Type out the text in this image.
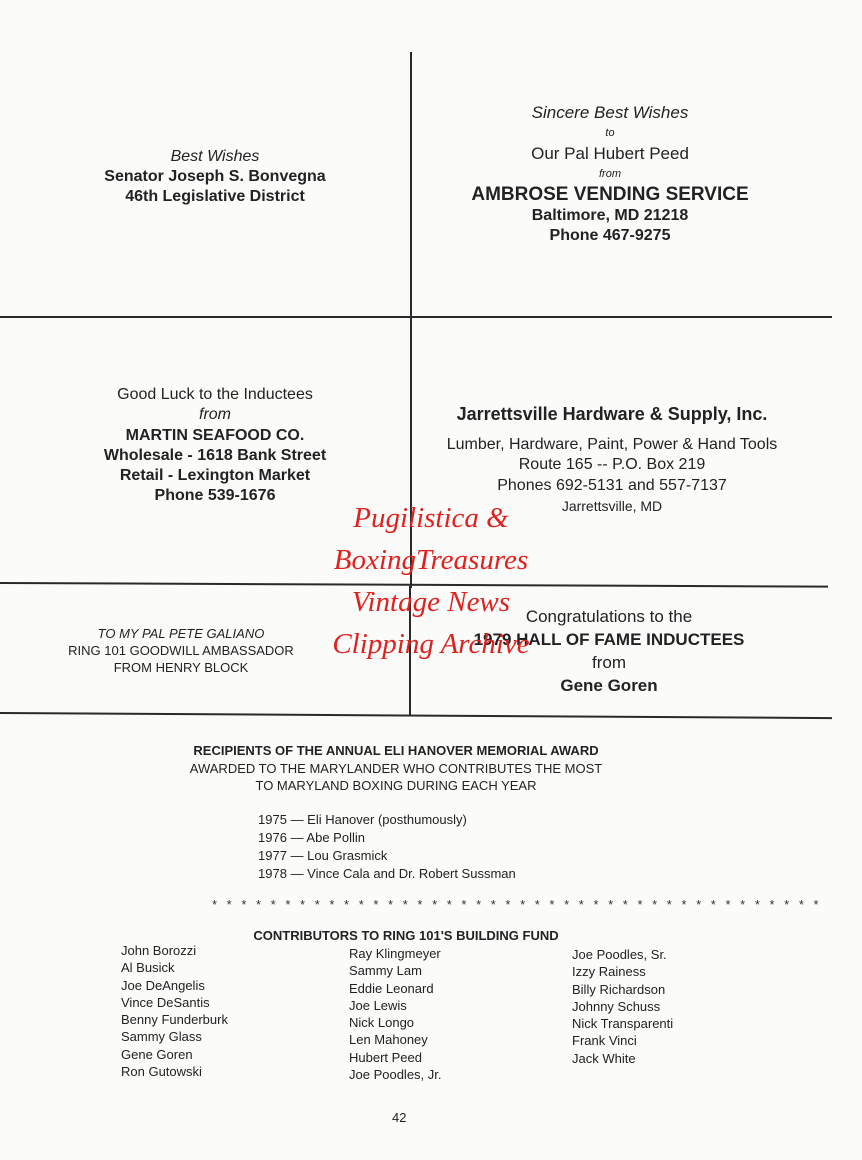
Best Wishes
Senator Joseph S. Bonvegna
46th Legislative District
Sincere Best Wishes
to
Our Pal Hubert Peed
from
AMBROSE VENDING SERVICE
Baltimore, MD 21218
Phone 467-9275
Good Luck to the Inductees
from
MARTIN SEAFOOD CO.
Wholesale - 1618 Bank Street
Retail - Lexington Market
Phone 539-1676
Jarrettsville Hardware & Supply, Inc.
Lumber, Hardware, Paint, Power & Hand Tools
Route 165 -- P.O. Box 219
Phones 692-5131 and 557-7137
Jarrettsville, MD
TO MY PAL PETE GALIANO
RING 101 GOODWILL AMBASSADOR
FROM HENRY BLOCK
Congratulations to the
1979 HALL OF FAME INDUCTEES
from
Gene Goren
RECIPIENTS OF THE ANNUAL ELI HANOVER MEMORIAL AWARD
AWARDED TO THE MARYLANDER WHO CONTRIBUTES THE MOST
TO MARYLAND BOXING DURING EACH YEAR
1975 — Eli Hanover (posthumously)
1976 — Abe Pollin
1977 — Lou Grasmick
1978 — Vince Cala and Dr. Robert Sussman
* * * * * * * * * * * * * * * * * * * * * * * * * * * * * * * * * * * * * * * * * *
CONTRIBUTORS TO RING 101'S BUILDING FUND
John Borozzi
Al Busick
Joe DeAngelis
Vince DeSantis
Benny Funderburk
Sammy Glass
Gene Goren
Ron Gutowski
Ray Klingmeyer
Sammy Lam
Eddie Leonard
Joe Lewis
Nick Longo
Len Mahoney
Hubert Peed
Joe Poodles, Jr.
Joe Poodles, Sr.
Izzy Rainess
Billy Richardson
Johnny Schuss
Nick Transparenti
Frank Vinci
Jack White
Pugilistica &
BoxingTreasures
Vintage News
Clipping Archive
42
